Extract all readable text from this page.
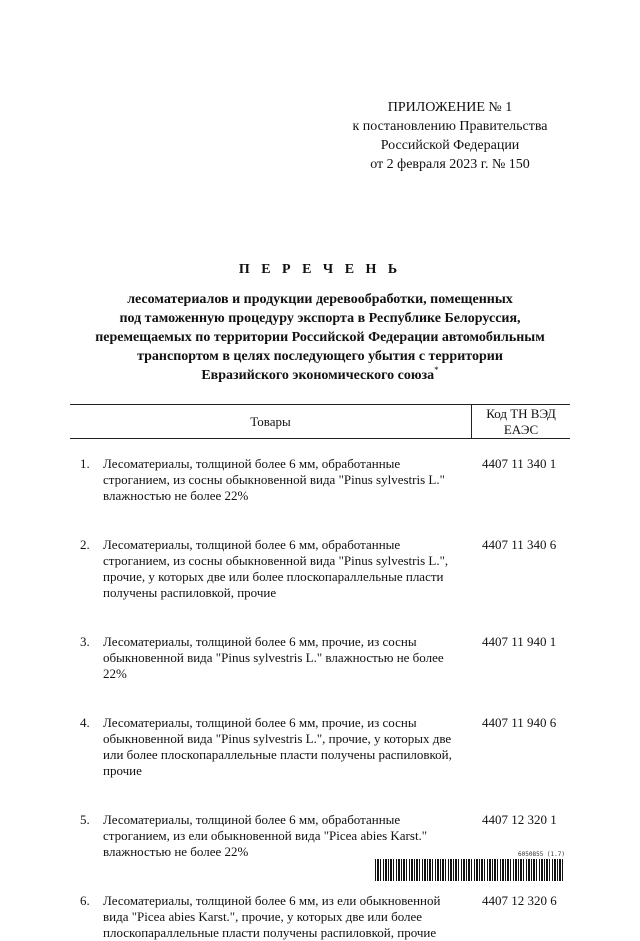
ПРИЛОЖЕНИЕ № 1
к постановлению Правительства
Российской Федерации
от 2 февраля 2023 г. № 150
П Е Р Е Ч Е Н Ь
лесоматериалов и продукции деревообработки, помещенных
под таможенную процедуру экспорта в Республике Белоруссия,
перемещаемых по территории Российской Федерации автомобильным
транспортом в целях последующего убытия с территории
Евразийского экономического союза*
Товары
Код ТН ВЭД
ЕАЭС
1.	Лесоматериалы, толщиной более 6 мм, обработанные
строганием, из сосны обыкновенной вида "Pinus sylvestris L."
влажностью не более 22%
4407 11 340 1
2.	Лесоматериалы, толщиной более 6 мм, обработанные
строганием, из сосны обыкновенной вида "Pinus sylvestris L.",
прочие, у которых две или более плоскопараллельные пласти
получены распиловкой, прочие
4407 11 340 6
3.	Лесоматериалы, толщиной более 6 мм, прочие, из сосны
обыкновенной вида "Pinus sylvestris L." влажностью не более
22%
4407 11 940 1
4.	Лесоматериалы, толщиной более 6 мм, прочие, из сосны
обыкновенной вида "Pinus sylvestris L.", прочие, у которых две
или более плоскопараллельные пласти получены распиловкой,
прочие
4407 11 940 6
5.	Лесоматериалы, толщиной более 6 мм, обработанные
строганием, из ели обыкновенной вида "Picea abies Karst."
влажностью не более 22%
4407 12 320 1
6.	Лесоматериалы, толщиной более 6 мм, из ели обыкновенной
вида "Picea abies Karst.", прочие, у которых две или более
плоскопараллельные пласти получены распиловкой, прочие
4407 12 320 6
6050855 (1.7)
